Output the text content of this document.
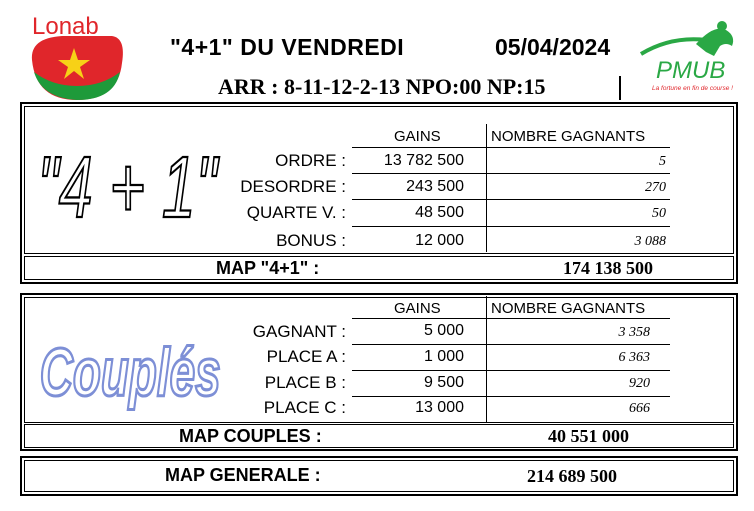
Lonab
"4+1" DU VENDREDI	05/04/2024
ARR : 8-11-12-2-13 NPO:00 NP:15
PMUB
La fortune en fin de course !
"4 + 1"
GAINS	NOMBRE GAGNANTS
ORDRE :	13 782 500	5
DESORDRE :	243 500	270
QUARTE V. :	48 500	50
BONUS :	12 000	3 088
MAP "4+1" :	174 138 500
Couplés
GAINS	NOMBRE GAGNANTS
GAGNANT :	5 000	3 358
PLACE A :	1 000	6 363
PLACE B :	9 500	920
PLACE C :	13 000	666
MAP COUPLES :	40 551 000
MAP GENERALE :	214 689 500
